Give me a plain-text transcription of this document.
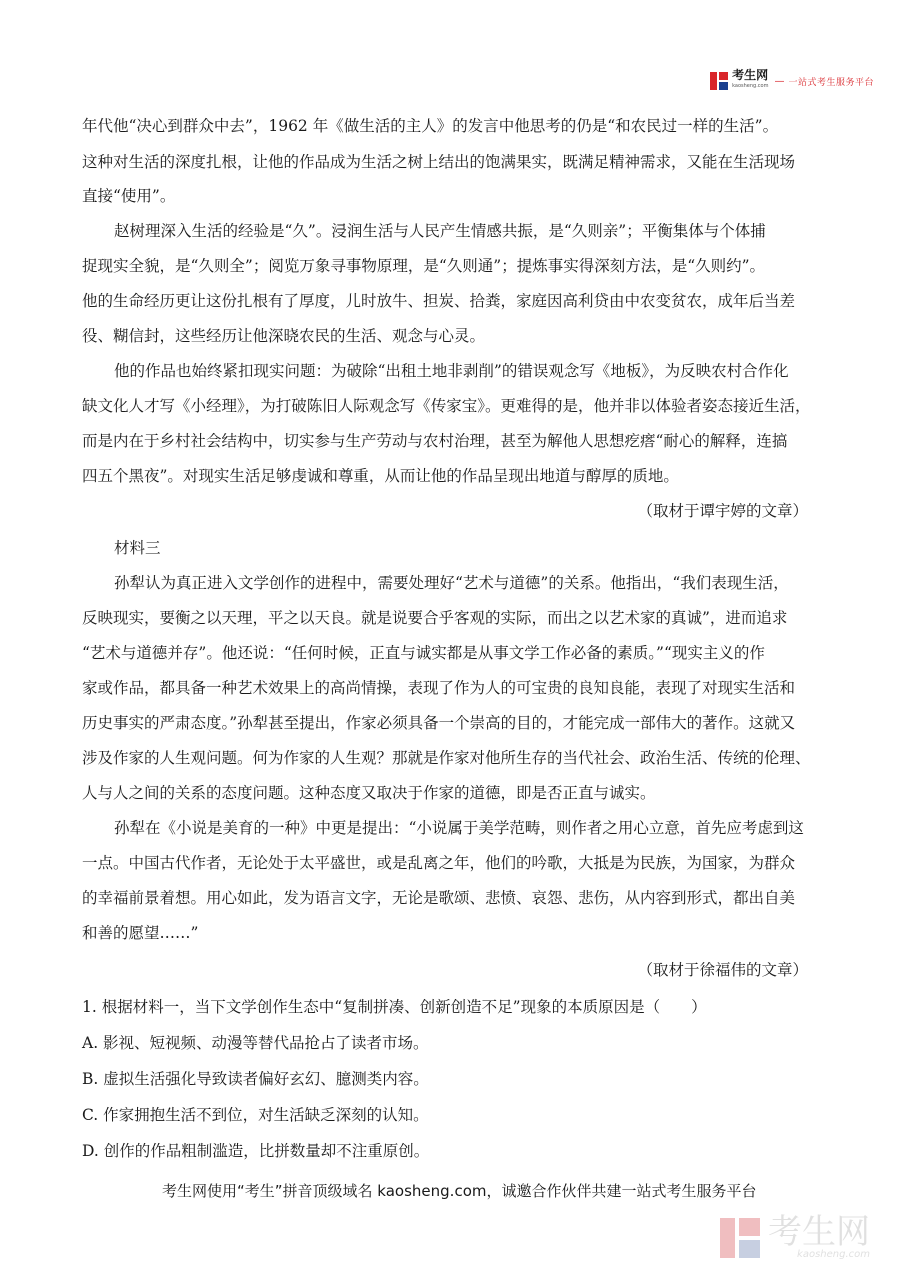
考生网
kaosheng.com — 一站式考生服务平台
年代他“决心到群众中去”，1962 年《做生活的主人》的发言中他思考的仍是“和农民过一样的生活”。
这种对生活的深度扎根，让他的作品成为生活之树上结出的饱满果实，既满足精神需求，又能在生活现场
直接“使用”。
赵树理深入生活的经验是“久”。浸润生活与人民产生情感共振，是“久则亲”；平衡集体与个体捕
捉现实全貌，是“久则全”；阅览万象寻事物原理，是“久则通”；提炼事实得深刻方法，是“久则约”。
他的生命经历更让这份扎根有了厚度，儿时放牛、担炭、拾粪，家庭因高利贷由中农变贫农，成年后当差
役、糊信封，这些经历让他深晓农民的生活、观念与心灵。
他的作品也始终紧扣现实问题：为破除“出租土地非剥削”的错误观念写《地板》，为反映农村合作化
缺文化人才写《小经理》，为打破陈旧人际观念写《传家宝》。更难得的是，他并非以体验者姿态接近生活，
而是内在于乡村社会结构中，切实参与生产劳动与农村治理，甚至为解他人思想疙瘩“耐心的解释，连搞
四五个黑夜”。对现实生活足够虔诚和尊重，从而让他的作品呈现出地道与醇厚的质地。
（取材于谭宇婷的文章）
材料三
孙犁认为真正进入文学创作的进程中，需要处理好“艺术与道德”的关系。他指出，“我们表现生活，
反映现实，要衡之以天理，平之以天良。就是说要合乎客观的实际，而出之以艺术家的真诚”，进而追求
“艺术与道德并存”。他还说：“任何时候，正直与诚实都是从事文学工作必备的素质。”“现实主义的作
家或作品，都具备一种艺术效果上的高尚情操，表现了作为人的可宝贵的良知良能，表现了对现实生活和
历史事实的严肃态度。”孙犁甚至提出，作家必须具备一个崇高的目的，才能完成一部伟大的著作。这就又
涉及作家的人生观问题。何为作家的人生观？那就是作家对他所生存的当代社会、政治生活、传统的伦理、
人与人之间的关系的态度问题。这种态度又取决于作家的道德，即是否正直与诚实。
孙犁在《小说是美育的一种》中更是提出：“小说属于美学范畴，则作者之用心立意，首先应考虑到这
一点。中国古代作者，无论处于太平盛世，或是乱离之年，他们的吟歌，大抵是为民族，为国家，为群众
的幸福前景着想。用心如此，发为语言文字，无论是歌颂、悲愤、哀怨、悲伤，从内容到形式，都出自美
和善的愿望……”
（取材于徐福伟的文章）
1. 根据材料一，当下文学创作生态中“复制拼凑、创新创造不足”现象的本质原因是（　　）
A. 影视、短视频、动漫等替代品抢占了读者市场。
B. 虚拟生活强化导致读者偏好玄幻、臆测类内容。
C. 作家拥抱生活不到位，对生活缺乏深刻的认知。
D. 创作的作品粗制滥造，比拼数量却不注重原创。
考生网使用“考生”拼音顶级域名 kaosheng.com，诚邀合作伙伴共建一站式考生服务平台
考生网
kaosheng.com
